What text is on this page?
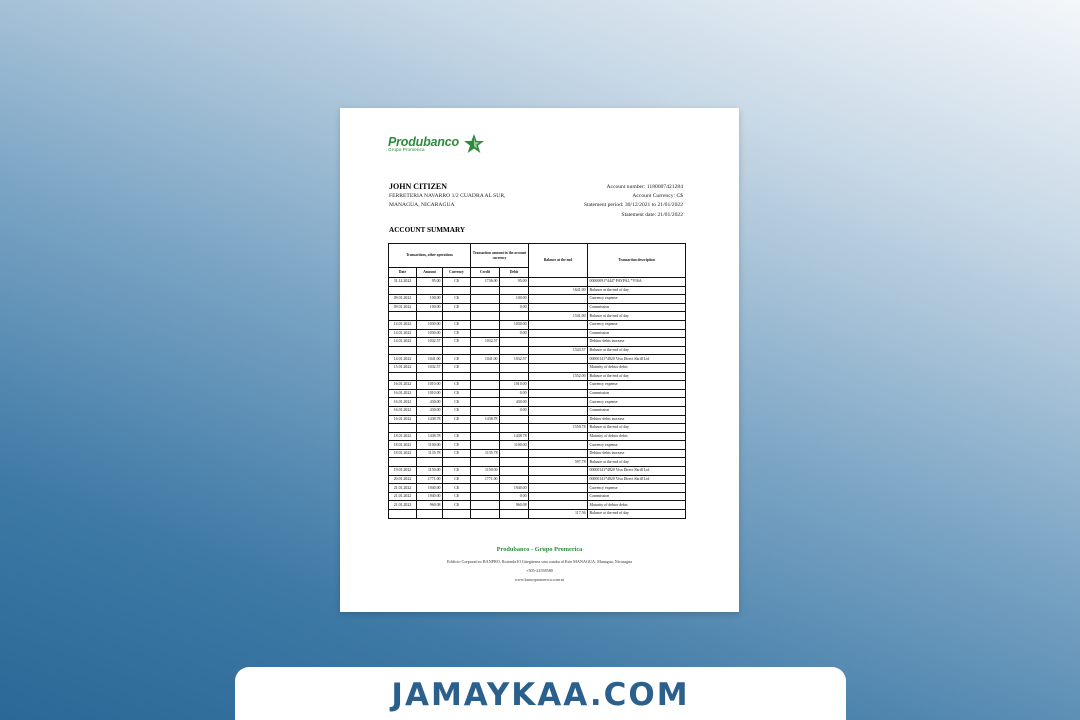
Produbanco
Grupo Promerica
JOHN CITIZEN
FERRETERIA NAVARRO 1/2 CUADRA AL SUR,
MANAGUA, NICARAGUA
Account number: 1180007421284
Account Currency: C$
Statement period: 30/12/2021 to 21/01/2022
Statement date: 21/01/2022
ACCOUNT SUMMARY
Transactions, other operations			Transaction amount in the account currency		Balance at the end	Transaction description
Date	Amount	Currency	Credit	Debit		
31.12.2022	95.00	C$	1736.00	95.00		00000091*4447 PAYPAL *VISA
					1641.00	Balance at the end of day
09.01.2022	100.00	C$		100.00		Currency expense
09.01.2022	100.00	C$		0.00		Commission
					1541.00	Balance at the end of day
14.01.2022	1030.00	C$		1030.00		Currency expense
14.01.2022	1030.00	C$		0.00		Commission
14.01.2022	1032.57	C$	1032.57			Debitor debts increase
					1543.57	Balance at the end of day
14.01.2022	1041.00	C$	1041.00	1032.57		00000141*4820 Visa Direct Skrill Ltd
15.01.2022	1032.57	C$				Maturity of debtor debts
					1552.00	Balance at the end of day
16.01.2022	1010.00	C$		1010.00		Currency expense
16.01.2022	1010.00	C$		0.00		Commission
16.01.2022	430.00	C$		430.00		Currency expense
16.01.2022	430.00	C$		0.00		Commission
16.01.2022	1438.78	C$	1438.78			Debitor debts increase
					1550.78	Balance at the end of day
18.01.2022	1438.78	C$		1438.78		Maturity of debtor debts
18.01.2022	1100.00	C$		1100.00		Currency expense
18.01.2022	1135.78	C$	1135.78			Debitor debts increase
					597.78	Balance at the end of day
19.01.2022	1150.00	C$	1150.00			00000141*4820 Visa Direct Skrill Ltd
20.01.2022	1771.00	C$	1771.00			00000141*4820 Visa Direct Skrill Ltd
21.01.2022	1940.00	C$		1940.00		Currency expense
21.01.2022	1940.00	C$		0.00		Commission
21.01.2022	960.08	C$		960.08		Maturity of debtor debts
					117.56	Balance at the end of day
Produbanco - Grupo Promerica
Edificio Corporativo BANPRO, Rotonda El Güegüense una cuadra al Este MANAGUA, Managua, Nicaragua
+505-22558580
www.bancopromerica.com.ni
JAMAYKAA.COM
